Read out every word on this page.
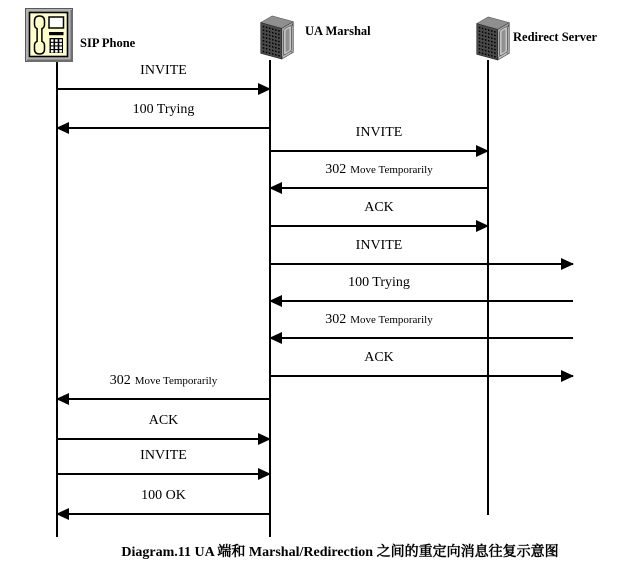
SIP Phone
UA Marshal	Redirect Server
INVITE
100 Trying
INVITE
302 Move Temporarily
ACK
INVITE
100 Trying
302 Move Temporarily
ACK
302 Move Temporarily
ACK
INVITE
100 OK
Diagram.11 UA 端和 Marshal/Redirection 之间的重定向消息往复示意图
